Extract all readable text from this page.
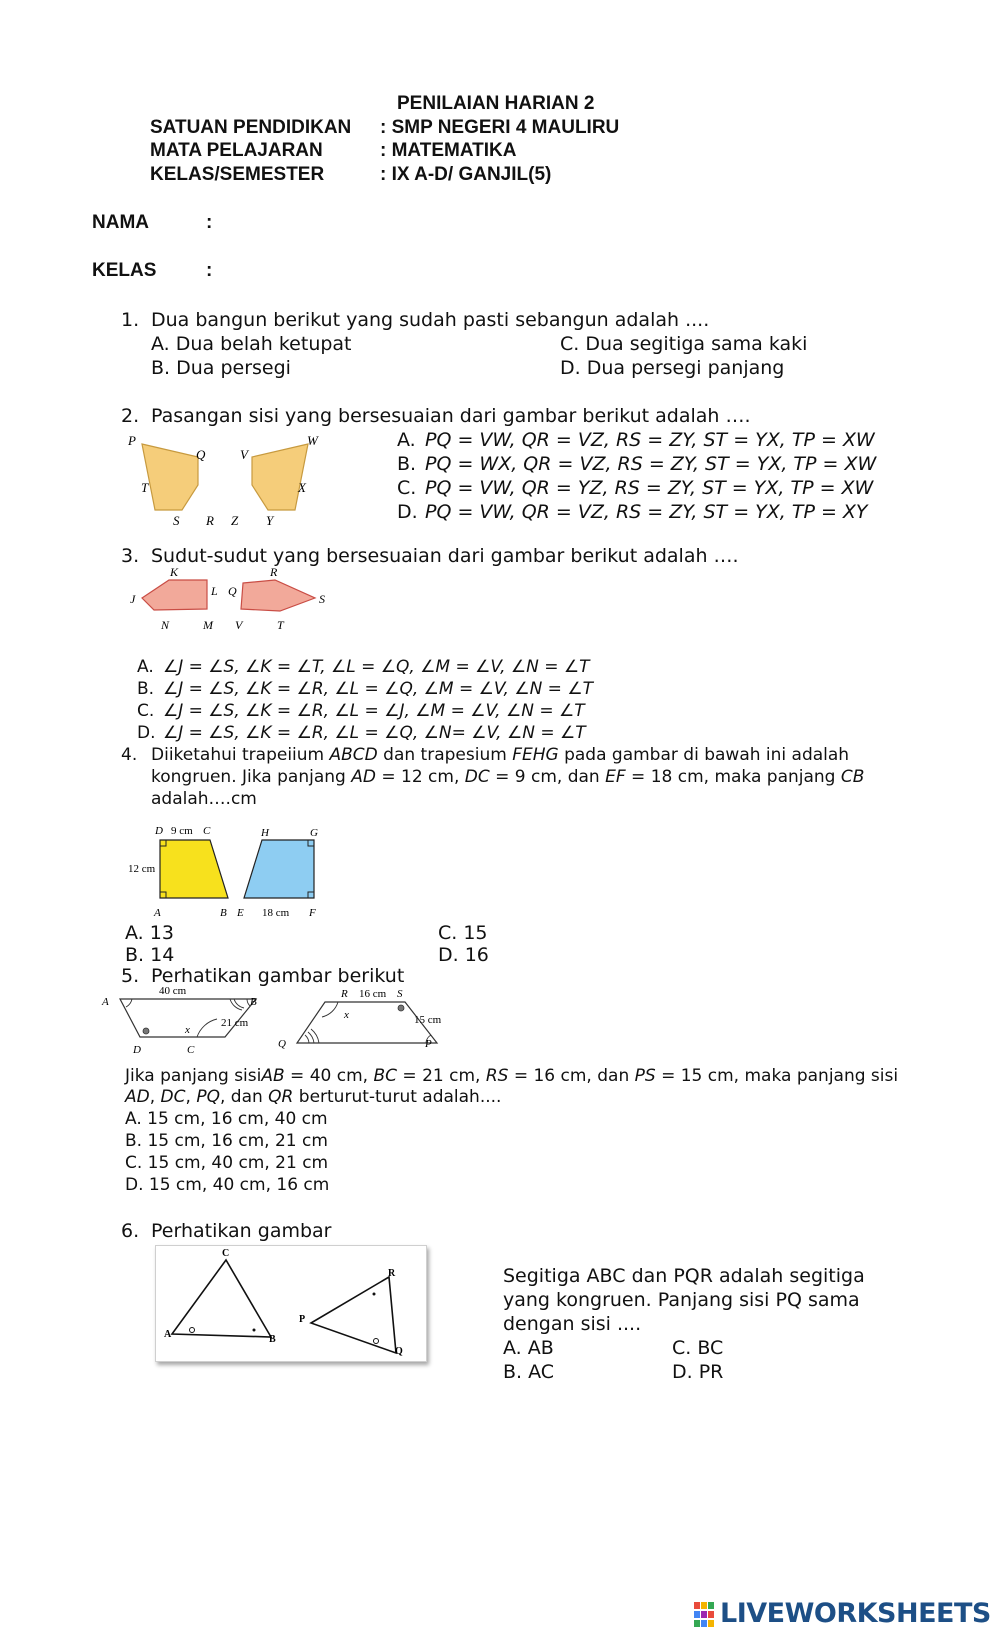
PENILAIAN HARIAN 2
SATUAN PENDIDIKAN : SMP NEGERI 4 MAULIRU
MATA PELAJARAN	: MATEMATIKA
KELAS/SEMESTER	: IX A-D/ GANJIL(5)
NAMA	:
KELAS	:
1. Dua bangun berikut yang sudah pasti sebangun adalah ....
A. Dua belah ketupat	C. Dua segitiga sama kaki
B. Dua persegi	D. Dua persegi panjang
2. Pasangan sisi yang bersesuaian dari gambar berikut adalah ….
A. PQ = VW, QR = VZ, RS = ZY, ST = YX, TP = XW
B. PQ = WX, QR = VZ, RS = ZY, ST = YX, TP = XW
C. PQ = VW, QR = YZ, RS = ZY, ST = YX, TP = XW
D. PQ = VW, QR = VZ, RS = ZY, ST = YX, TP = XY
P
Q
T
S R
V
W
X
Z Y
3. Sudut-sudut yang bersesuaian dari gambar berikut adalah ….
K
J
L
N	M
R
Q
S
V	T
A. ∠J = ∠S, ∠K = ∠T, ∠L = ∠Q, ∠M = ∠V, ∠N = ∠T
B. ∠J = ∠S, ∠K = ∠R, ∠L = ∠Q, ∠M = ∠V, ∠N = ∠T
C. ∠J = ∠S, ∠K = ∠R, ∠L = ∠J, ∠M = ∠V, ∠N = ∠T
D. ∠J = ∠S, ∠K = ∠R, ∠L = ∠Q, ∠N= ∠V, ∠N = ∠T
4. Diiketahui trapeiium ABCD dan trapesium FEHG pada gambar di bawah ini adalah
kongruen. Jika panjang AD = 12 cm, DC = 9 cm, dan EF = 18 cm, maka panjang CB
adalah….cm
D 9 cm C
12 cm
A	B
H	G
E 18 cm F
A. 13	C. 15
B. 14	D. 16
5. Perhatikan gambar berikut
A
40 cm
B
21 cm
D	C
x
R 16 cm S
15 cm
Q	P
x
Jika panjang sisiAB = 40 cm, BC = 21 cm, RS = 16 cm, dan PS = 15 cm, maka panjang sisi
AD, DC, PQ, dan QR berturut-turut adalah....
A. 15 cm, 16 cm, 40 cm
B. 15 cm, 16 cm, 21 cm
C. 15 cm, 40 cm, 21 cm
D. 15 cm, 40 cm, 16 cm
6. Perhatikan gambar
C
A	B
R
P
Q
Segitiga ABC dan PQR adalah segitiga
yang kongruen. Panjang sisi PQ sama
dengan sisi ....
A. AB	C. BC
B. AC	D. PR
LIVEWORKSHEETS
